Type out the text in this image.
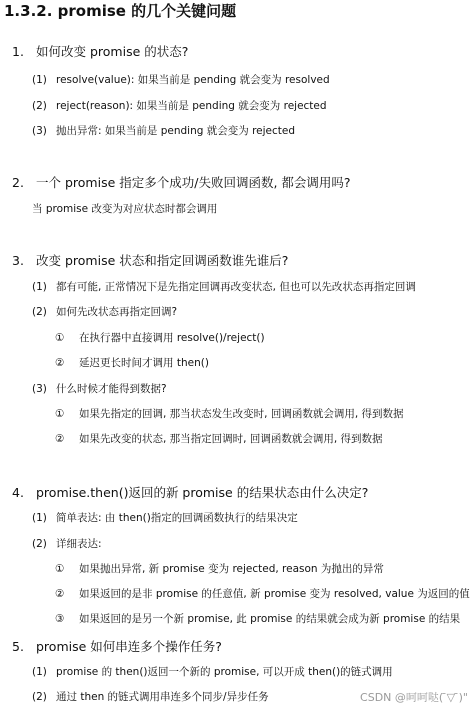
1.3.2. promise 的几个关键问题
1. 如何改变 promise 的状态?
(1) resolve(value): 如果当前是 pending 就会变为 resolved
(2) reject(reason): 如果当前是 pending 就会变为 rejected
(3) 抛出异常: 如果当前是 pending 就会变为 rejected
2. 一个 promise 指定多个成功/失败回调函数, 都会调用吗?
当 promise 改变为对应状态时都会调用
3. 改变 promise 状态和指定回调函数谁先谁后?
(1) 都有可能, 正常情况下是先指定回调再改变状态, 但也可以先改状态再指定回调
(2) 如何先改状态再指定回调?
① 在执行器中直接调用 resolve()/reject()
② 延迟更长时间才调用 then()
(3) 什么时候才能得到数据?
① 如果先指定的回调, 那当状态发生改变时, 回调函数就会调用, 得到数据
② 如果先改变的状态, 那当指定回调时, 回调函数就会调用, 得到数据
4. promise.then()返回的新 promise 的结果状态由什么决定?
(1) 简单表达: 由 then()指定的回调函数执行的结果决定
(2) 详细表达:
① 如果抛出异常, 新 promise 变为 rejected, reason 为抛出的异常
② 如果返回的是非 promise 的任意值, 新 promise 变为 resolved, value 为返回的值
③ 如果返回的是另一个新 promise, 此 promise 的结果就会成为新 promise 的结果
5. promise 如何串连多个操作任务?
(1) promise 的 then()返回一个新的 promise, 可以开成 then()的链式调用
(2) 通过 then 的链式调用串连多个同步/异步任务	CSDN @呵呵哒( ̄▽ ̄)"
